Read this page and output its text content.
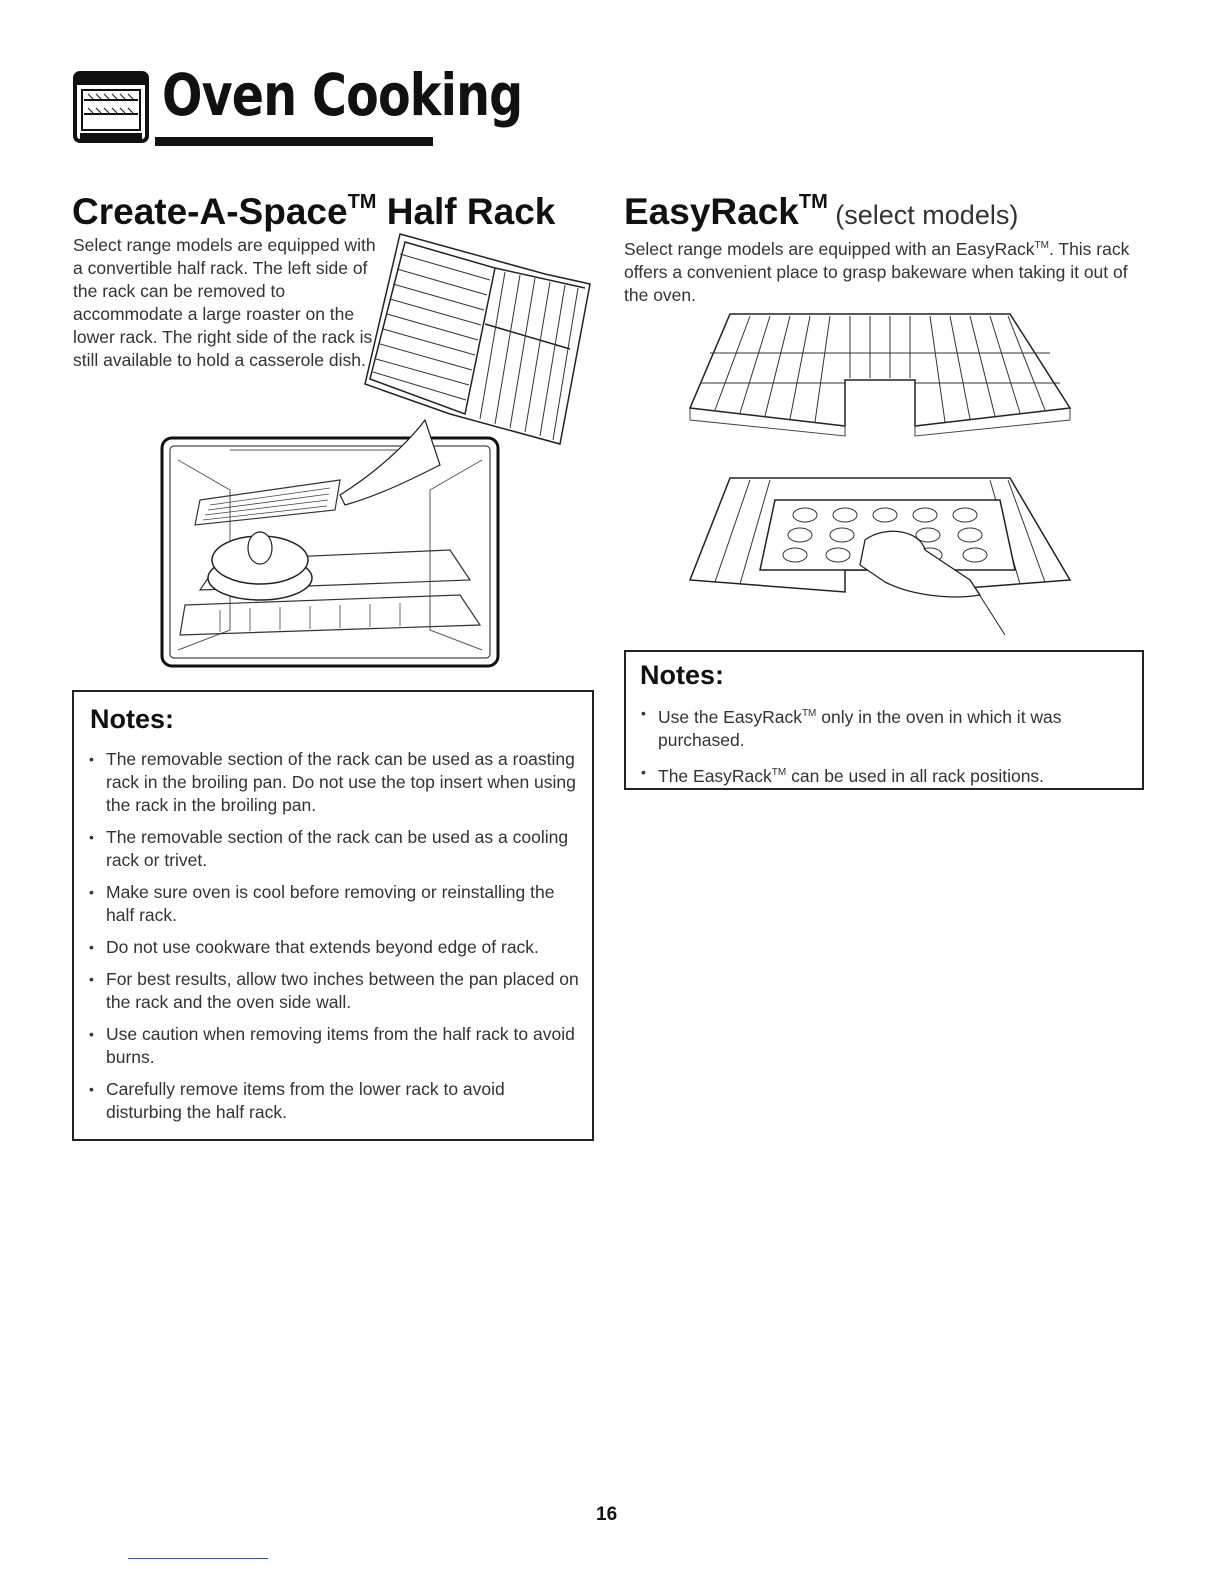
Oven Cooking
Create-A-Space™ Half Rack

Select range models are equipped with a convertible half rack. The left side of the rack can be removed to accommodate a large roaster on the lower rack. The right side of the rack is still available to hold a casserole dish.

Notes:
• The removable section of the rack can be used as a roasting rack in the broiling pan. Do not use the top insert when using the rack in the broiling pan.
• The removable section of the rack can be used as a cooling rack or trivet.
• Make sure oven is cool before removing or reinstalling the half rack.
• Do not use cookware that extends beyond edge of rack.
• For best results, allow two inches between the pan placed on the rack and the oven side wall.
• Use caution when removing items from the half rack to avoid burns.
• Carefully remove items from the lower rack to avoid disturbing the half rack.
EasyRack™ (select models)

Select range models are equipped with an EasyRack™. This rack offers a convenient place to grasp bakeware when taking it out of the oven.

Notes:
• Use the EasyRack™ only in the oven in which it was purchased.
• The EasyRack™ can be used in all rack positions.

16
